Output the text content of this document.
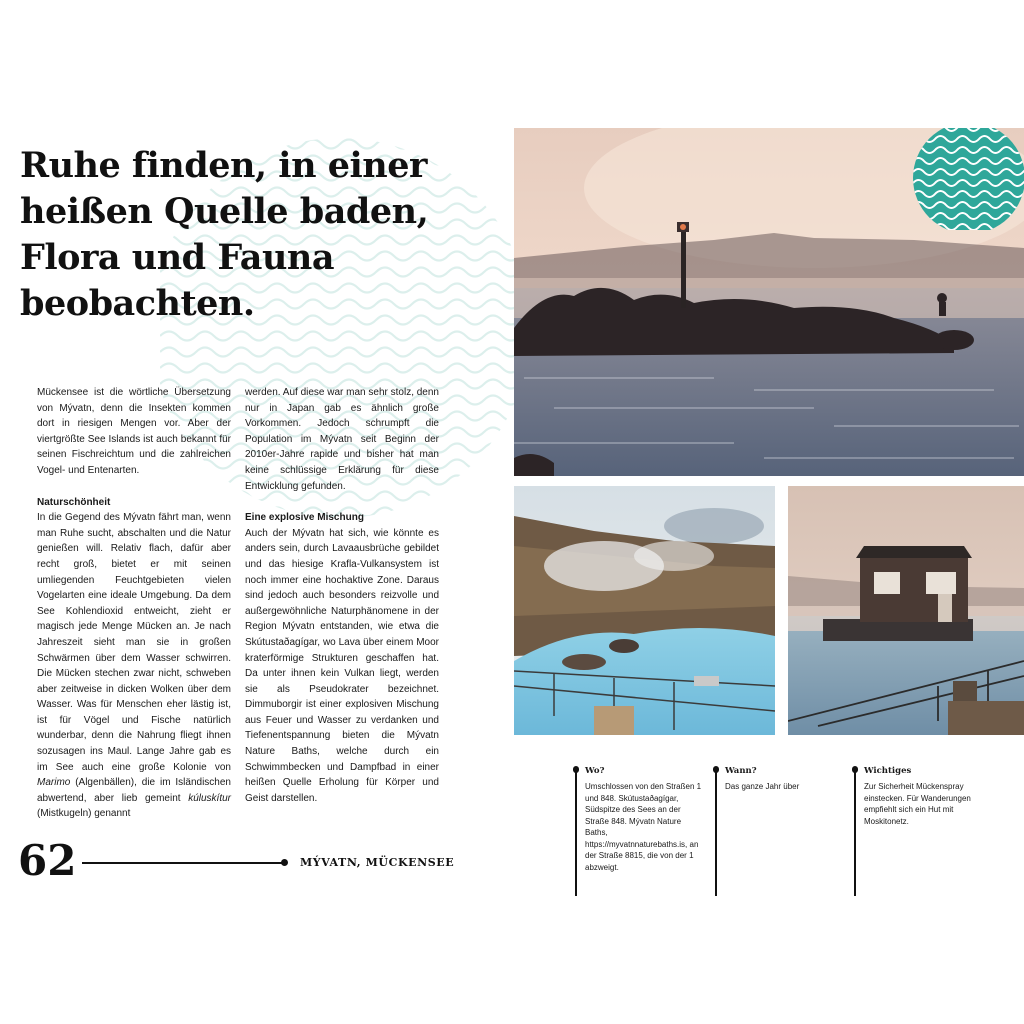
Ruhe finden, in einer heißen Quelle baden, Flora und Fauna beobachten.

Mückensee ist die wörtliche Übersetzung von Mývatn, denn die Insekten kommen dort in riesigen Mengen vor. Aber der viertgrößte See Islands ist auch bekannt für seinen Fischreichtum und die zahlreichen Vogel- und Entenarten.

Naturschönheit

In die Gegend des Mývatn fährt man, wenn man Ruhe sucht, abschalten und die Natur genießen will. Relativ flach, dafür aber recht groß, bietet er mit seinen umliegenden Feuchtgebieten vielen Vogelarten eine ideale Umgebung. Da dem See Kohlendioxid entweicht, zieht er magisch jede Menge Mücken an. Je nach Jahreszeit sieht man sie in großen Schwärmen über dem Wasser schwirren. Die Mücken stechen zwar nicht, schweben aber zeitweise in dicken Wolken über dem Wasser. Was für Menschen eher lästig ist, ist für Vögel und Fische natürlich wunderbar, denn die Nahrung fliegt ihnen sozusagen ins Maul. Lange Jahre gab es im See auch eine große Kolonie von Marimo (Algenbällen), die im Isländischen abwertend, aber lieb gemeint kúluskítur (Mistkugeln) genannt

werden. Auf diese war man sehr stolz, denn nur in Japan gab es ähnlich große Vorkommen. Jedoch schrumpft die Population im Mývatn seit Beginn der 2010er-Jahre rapide und bisher hat man keine schlüssige Erklärung für diese Entwicklung gefunden.

Eine explosive Mischung

Auch der Mývatn hat sich, wie könnte es anders sein, durch Lavaausbrüche gebildet und das hiesige Krafla-Vulkansystem ist noch immer eine hochaktive Zone. Daraus sind jedoch auch besonders reizvolle und außergewöhnliche Naturphänomene in der Region Mývatn entstanden, wie etwa die Skútustaðagígar, wo Lava über einem Moor kraterförmige Strukturen geschaffen hat. Da unter ihnen kein Vulkan liegt, werden sie als Pseudokrater bezeichnet. Dimmuborgir ist einer explosiven Mischung aus Feuer und Wasser zu verdanken und Tiefenentspannung bieten die Mývatn Nature Baths, welche durch ein Schwimmbecken und Dampfbad in einer heißen Quelle Erholung für Körper und Geist darstellen.

62	MÝVATN, MÜCKENSEE
Wo?
Umschlossen von den Straßen 1 und 848. Skútustaðagígar, Südspitze des Sees an der Straße 848. Mývatn Nature Baths, https://myvatnnaturebaths.is, an der Straße 8815, die von der 1 abzweigt.
Wann?
Das ganze Jahr über
Wichtiges
Zur Sicherheit Mückenspray einstecken. Für Wanderungen empfiehlt sich ein Hut mit Moskitonetz.
